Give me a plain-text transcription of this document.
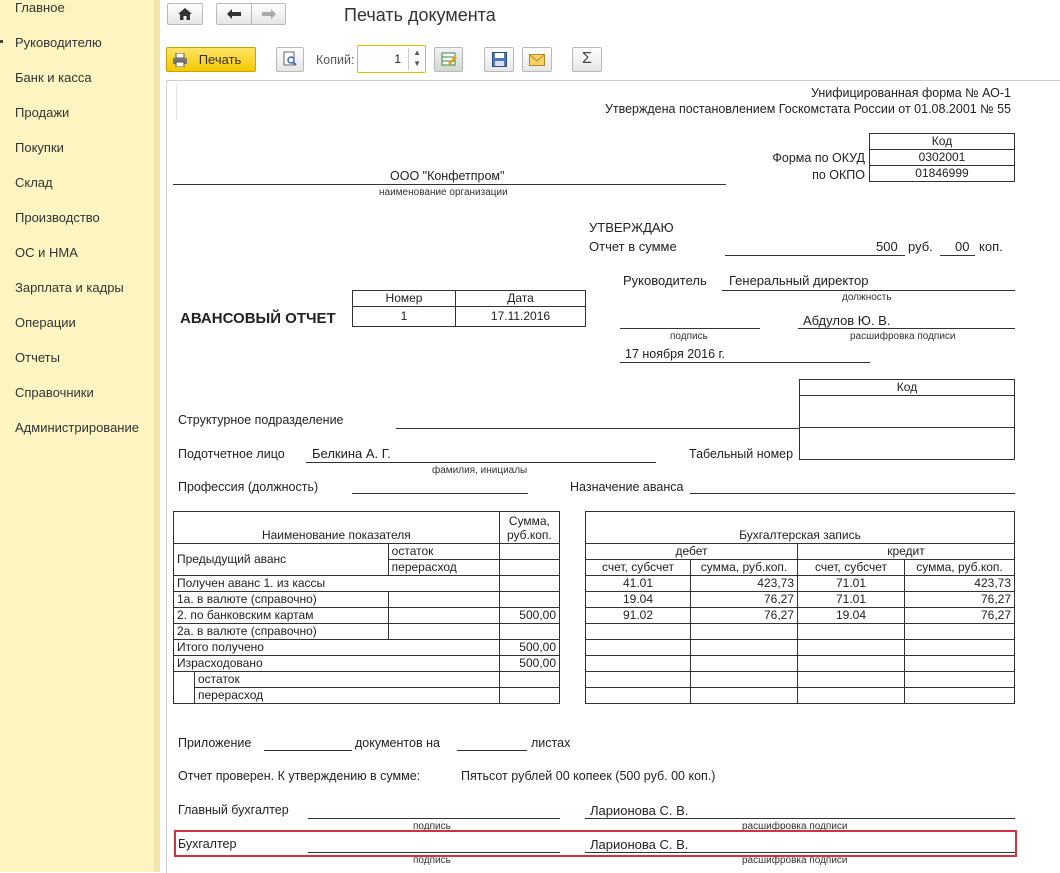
Главное
Руководителю
Банк и касса
Продажи
Покупки
Склад
Производство
ОС и НМА
Зарплата и кадры
Операции
Отчеты
Справочники
Администрирование
Печать документа
Печать	Копий:	1 ▲
▼	Σ
Унифицированная форма № АО-1
Утверждена постановлением Госкомстата России от 01.08.2001 № 55
Код
0302001
01846999
Форма по ОКУД
по ОКПО
ООО "Конфетпром"
наименование организации
УТВЕРЖДАЮ
Отчет в сумме	500 руб. 00 коп.
Руководитель Генеральный директор
должность
подпись
Абдулов Ю. В.
расшифровка подписи
17 ноября 2016 г.
АВАНСОВЫЙ ОТЧЕТ
Номер	Дата
1	17.11.2016
Код

Структурное подразделение
Подотчетное лицо Белкина А. Г.
фамилия, инициалы
Табельный номер
Профессия (должность)	Назначение аванса
Наименование показателя			Сумма,
руб.коп.
Предыдущий аванс		остаток	
		перерасход	
Получен аванс 1. из кассы			
1а. в валюте (справочно)			
2. по банковским картам			500,00
2а. в валюте (справочно)			
Итого получено			500,00
Израсходовано			500,00
	остаток		
	перерасход		
Бухгалтерская запись			
дебет		кредит	
счет, субсчет	сумма, руб.коп.	счет, субсчет	сумма, руб.коп.
41.01	423,73	71.01	423,73
19.04	76,27	71.01	76,27
91.02	76,27	19.04	76,27

Приложение	документов на	листах
Отчет проверен. К утверждению в сумме:	Пятьсот рублей 00 копеек (500 руб. 00 коп.)
Главный бухгалтер
подпись
Ларионова С. В.
расшифровка подписи
Бухгалтер
подпись
Ларионова С. В.
расшифровка подписи
